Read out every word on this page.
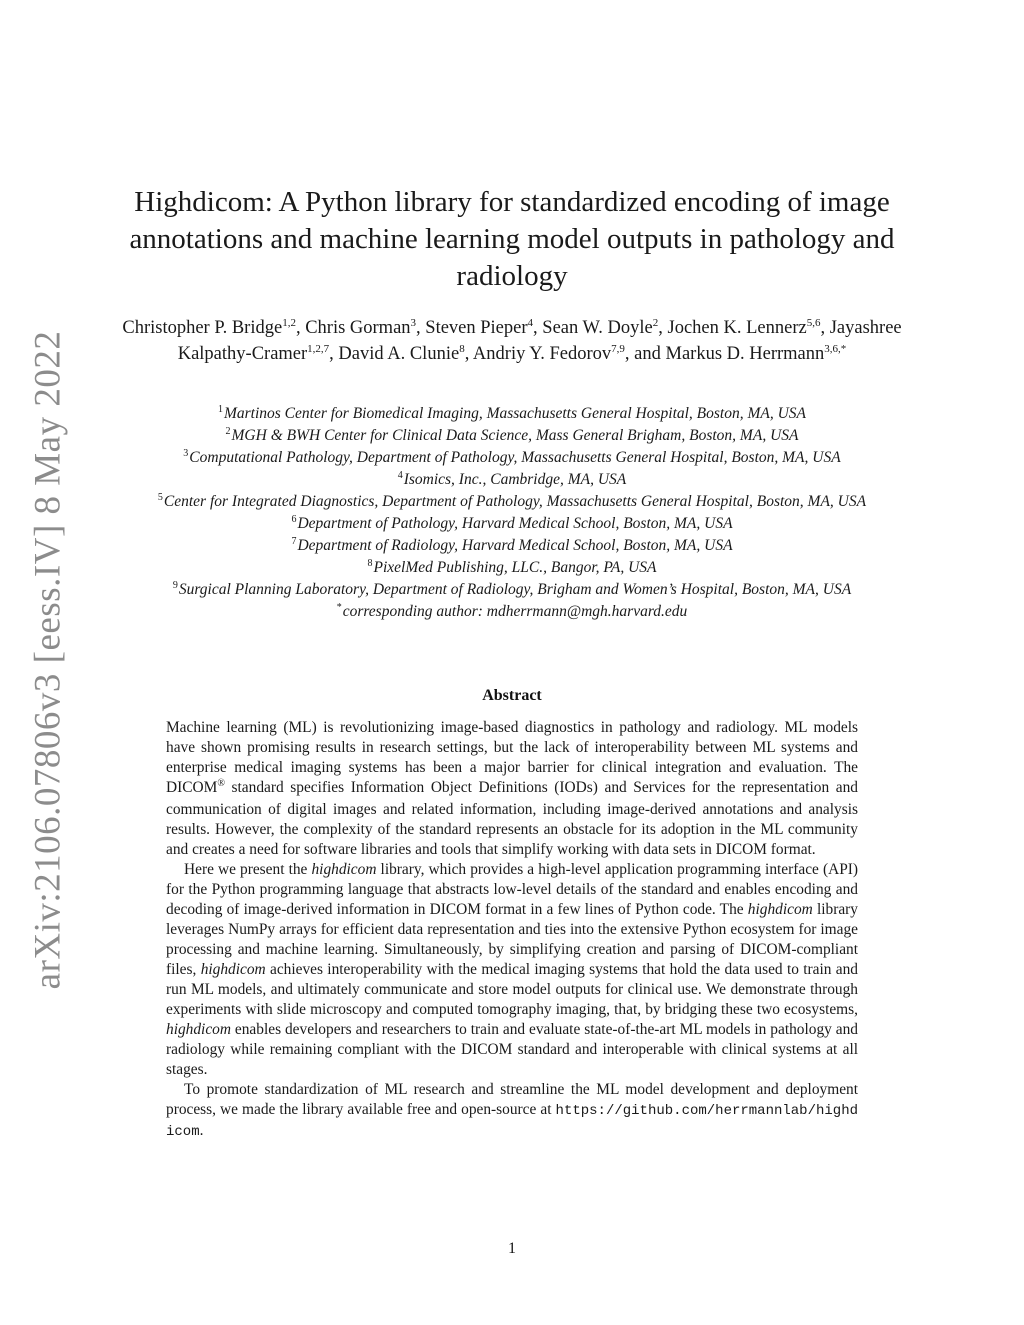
arXiv:2106.07806v3 [eess.IV] 8 May 2022
Highdicom: A Python library for standardized encoding of image annotations and machine learning model outputs in pathology and radiology
Christopher P. Bridge$^{1,2}$, Chris Gorman$^3$, Steven Pieper$^4$, Sean W. Doyle$^2$, Jochen K. Lennerz$^{5,6}$, Jayashree Kalpathy-Cramer$^{1,2,7}$, David A. Clunie$^8$, Andriy Y. Fedorov$^{7,9}$, and Markus D. Herrmann$^{3,6,*}$
$^1$Martinos Center for Biomedical Imaging, Massachusetts General Hospital, Boston, MA, USA
$^2$MGH & BWH Center for Clinical Data Science, Mass General Brigham, Boston, MA, USA
$^3$Computational Pathology, Department of Pathology, Massachusetts General Hospital, Boston, MA, USA
$^4$Isomics, Inc., Cambridge, MA, USA
$^5$Center for Integrated Diagnostics, Department of Pathology, Massachusetts General Hospital, Boston, MA, USA
$^6$Department of Pathology, Harvard Medical School, Boston, MA, USA
$^7$Department of Radiology, Harvard Medical School, Boston, MA, USA
$^8$PixelMed Publishing, LLC., Bangor, PA, USA
$^9$Surgical Planning Laboratory, Department of Radiology, Brigham and Women’s Hospital, Boston, MA, USA
*corresponding author: mdherrmann@mgh.harvard.edu
Abstract

Machine learning (ML) is revolutionizing image-based diagnostics in pathology and radiology. ML models have shown promising results in research settings, but the lack of interoperability between ML systems and enterprise medical imaging systems has been a major barrier for clinical integration and evaluation. The DICOM® standard specifies Information Object Definitions (IODs) and Services for the representation and communication of digital images and related information, including image-derived annotations and analysis results. However, the complexity of the standard represents an obstacle for its adoption in the ML community and creates a need for software libraries and tools that simplify working with data sets in DICOM format.

Here we present the highdicom library, which provides a high-level application programming interface (API) for the Python programming language that abstracts low-level details of the standard and enables encoding and decoding of image-derived information in DICOM format in a few lines of Python code. The highdicom library leverages NumPy arrays for efficient data representation and ties into the extensive Python ecosystem for image processing and machine learning. Simultaneously, by simplifying creation and parsing of DICOM-compliant files, highdicom achieves interoperability with the medical imaging systems that hold the data used to train and run ML models, and ultimately communicate and store model outputs for clinical use. We demonstrate through experiments with slide microscopy and computed tomography imaging, that, by bridging these two ecosystems, highdicom enables developers and researchers to train and evaluate state-of-the-art ML models in pathology and radiology while remaining compliant with the DICOM standard and interoperable with clinical systems at all stages.

To promote standardization of ML research and streamline the ML model development and deployment process, we made the library available free and open-source at https://github.com/herrmannlab/highdicom.

1
